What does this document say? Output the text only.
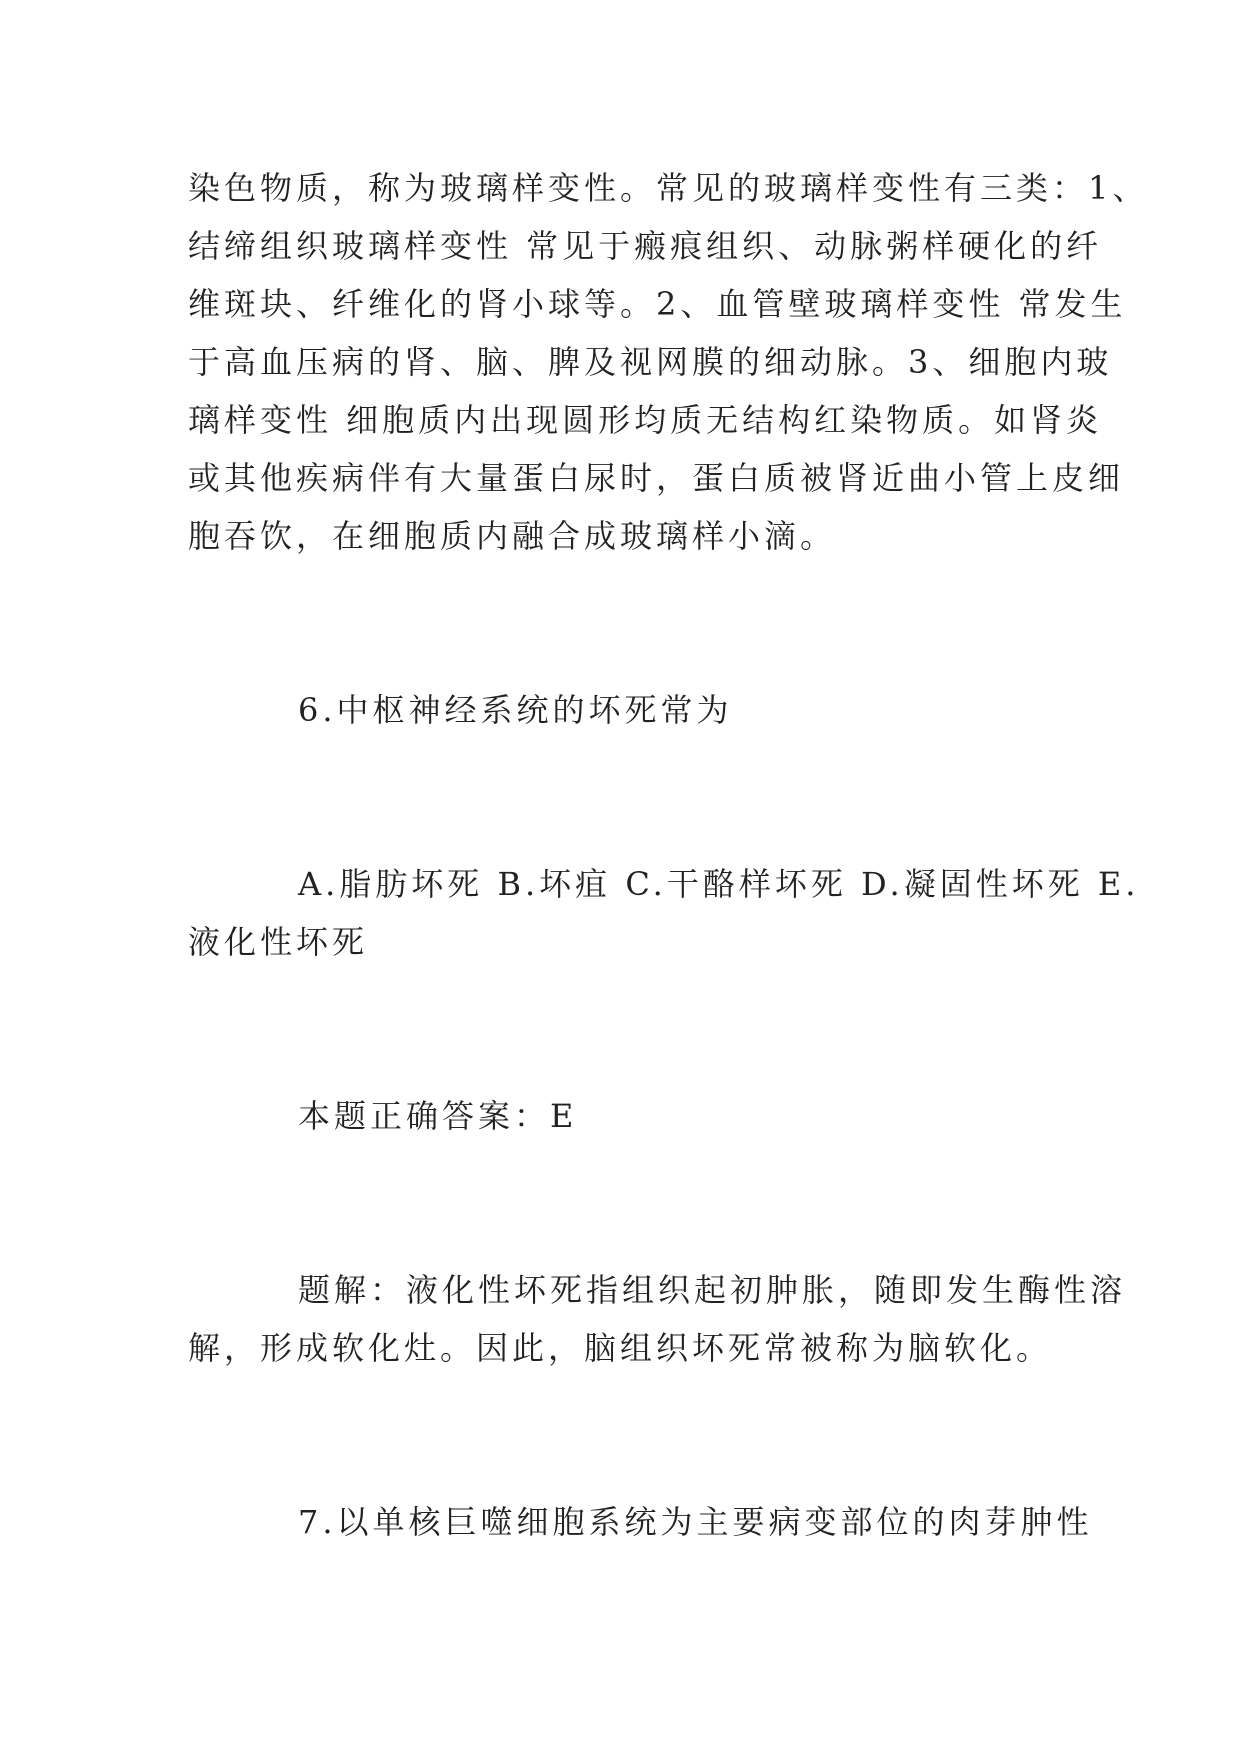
染色物质，称为玻璃样变性。常见的玻璃样变性有三类：1、
结缔组织玻璃样变性 常见于瘢痕组织、动脉粥样硬化的纤
维斑块、纤维化的肾小球等。2、血管壁玻璃样变性 常发生
于高血压病的肾、脑、脾及视网膜的细动脉。3、细胞内玻
璃样变性 细胞质内出现圆形均质无结构红染物质。如肾炎
或其他疾病伴有大量蛋白尿时，蛋白质被肾近曲小管上皮细
胞吞饮，在细胞质内融合成玻璃样小滴。
6.中枢神经系统的坏死常为
A.脂肪坏死 B.坏疽 C.干酪样坏死 D.凝固性坏死 E.
液化性坏死
本题正确答案：E
题解：液化性坏死指组织起初肿胀，随即发生酶性溶
解，形成软化灶。因此，脑组织坏死常被称为脑软化。
7.以单核巨噬细胞系统为主要病变部位的肉芽肿性
